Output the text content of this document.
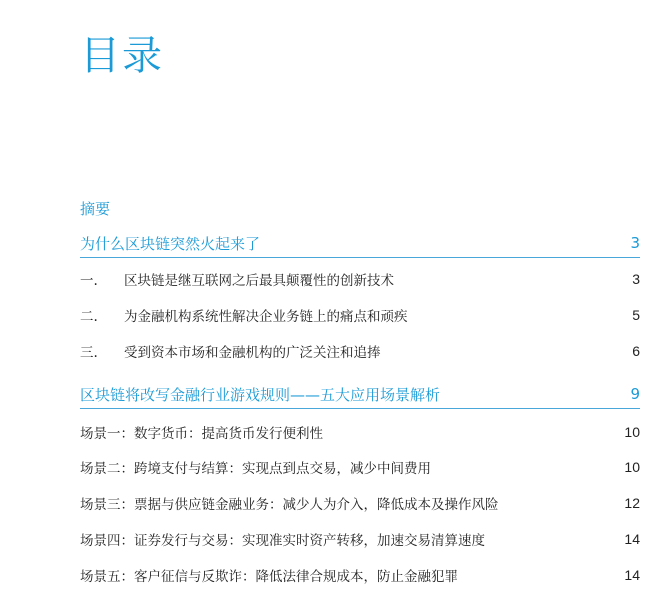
目录
摘要
为什么区块链突然火起来了	3
一. 区块链是继互联网之后最具颠覆性的创新技术	3
二. 为金融机构系统性解决企业务链上的痛点和顽疾	5
三. 受到资本市场和金融机构的广泛关注和追捧	6
区块链将改写金融行业游戏规则——五大应用场景解析	9
场景一：数字货币：提高货币发行便利性	10
场景二：跨境支付与结算：实现点到点交易，减少中间费用	10
场景三：票据与供应链金融业务：减少人为介入，降低成本及操作风险	12
场景四：证券发行与交易：实现准实时资产转移，加速交易清算速度	14
场景五：客户征信与反欺诈：降低法律合规成本，防止金融犯罪	14
